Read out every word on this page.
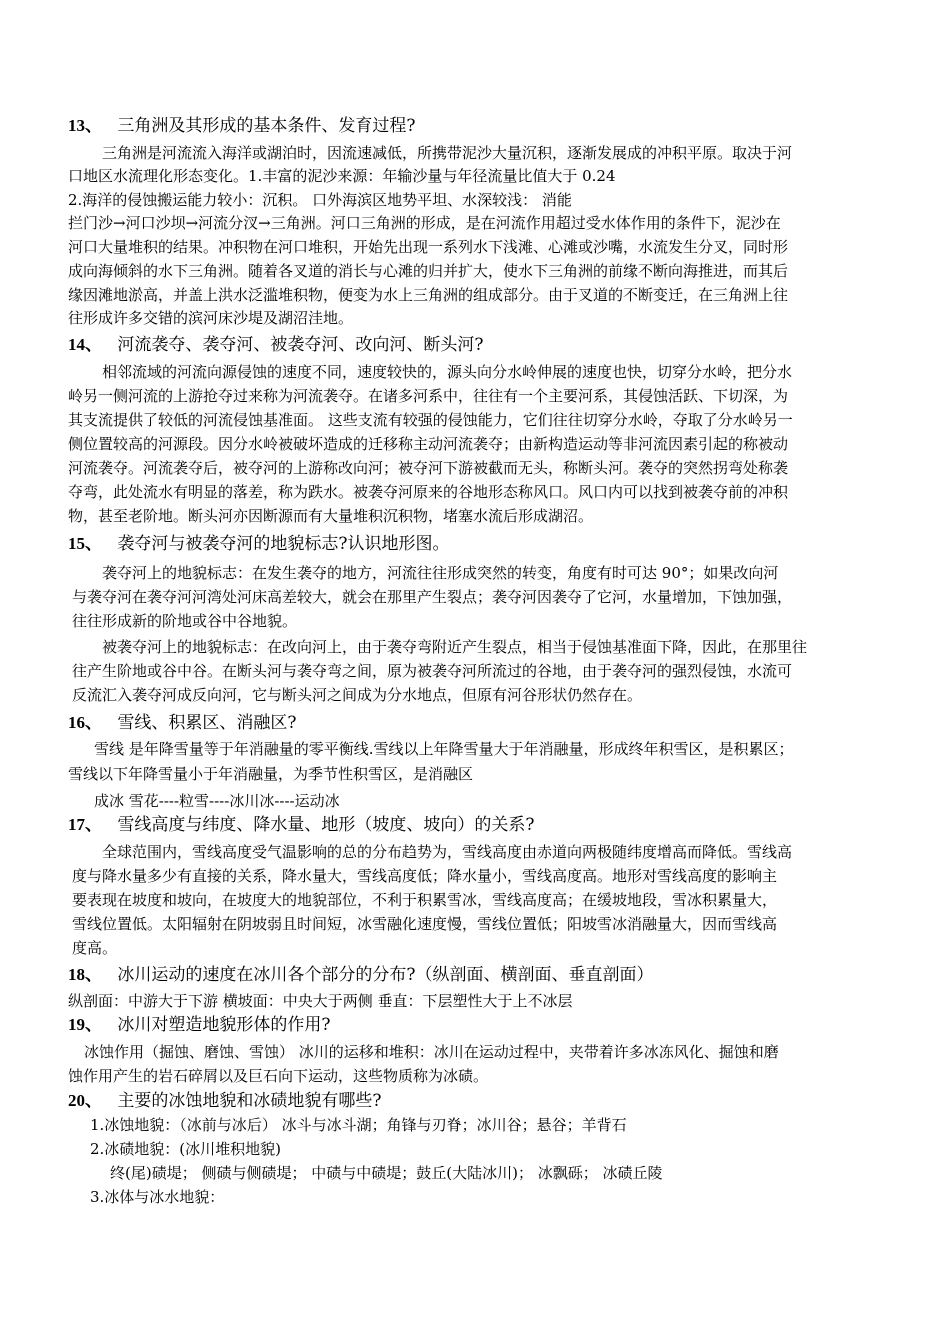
13、 三角洲及其形成的基本条件、发育过程?
三角洲是河流流入海洋或湖泊时，因流速减低，所携带泥沙大量沉积，逐渐发展成的冲积平原。取决于河
口地区水流理化形态变化。1.丰富的泥沙来源：年输沙量与年径流量比值大于 0.24
2.海洋的侵蚀搬运能力较小：沉积。 口外海滨区地势平坦、水深较浅： 消能
拦门沙→河口沙坝→河流分汊→三角洲。河口三角洲的形成，是在河流作用超过受水体作用的条件下，泥沙在
河口大量堆积的结果。冲积物在河口堆积，开始先出现一系列水下浅滩、心滩或沙嘴，水流发生分叉，同时形
成向海倾斜的水下三角洲。随着各叉道的消长与心滩的归并扩大，使水下三角洲的前缘不断向海推进，而其后
缘因滩地淤高，并盖上洪水泛滥堆积物，便变为水上三角洲的组成部分。由于叉道的不断变迁，在三角洲上往
往形成许多交错的滨河床沙堤及湖沼洼地。
14、 河流袭夺、袭夺河、被袭夺河、改向河、断头河?
相邻流域的河流向源侵蚀的速度不同，速度较快的，源头向分水岭伸展的速度也快，切穿分水岭，把分水
岭另一侧河流的上游抢夺过来称为河流袭夺。在诸多河系中，往往有一个主要河系，其侵蚀活跃、下切深，为
其支流提供了较低的河流侵蚀基准面。 这些支流有较强的侵蚀能力，它们往往切穿分水岭，夺取了分水岭另一
侧位置较高的河源段。因分水岭被破坏造成的迁移称主动河流袭夺；由新构造运动等非河流因素引起的称被动
河流袭夺。河流袭夺后，被夺河的上游称改向河；被夺河下游被截而无头，称断头河。袭夺的突然拐弯处称袭
夺弯，此处流水有明显的落差，称为跌水。被袭夺河原来的谷地形态称风口。风口内可以找到被袭夺前的冲积
物，甚至老阶地。断头河亦因断源而有大量堆积沉积物，堵塞水流后形成湖沼。
15、 袭夺河与被袭夺河的地貌标志?认识地形图。
袭夺河上的地貌标志：在发生袭夺的地方，河流往往形成突然的转变，角度有时可达 90°；如果改向河
与袭夺河在袭夺河河湾处河床高差较大，就会在那里产生裂点；袭夺河因袭夺了它河，水量增加，下蚀加强，
往往形成新的阶地或谷中谷地貌。
被袭夺河上的地貌标志：在改向河上，由于袭夺弯附近产生裂点，相当于侵蚀基准面下降，因此，在那里往
往产生阶地或谷中谷。在断头河与袭夺弯之间，原为被袭夺河所流过的谷地，由于袭夺河的强烈侵蚀，水流可
反流汇入袭夺河成反向河，它与断头河之间成为分水地点，但原有河谷形状仍然存在。
16、 雪线、积累区、消融区?
雪线 是年降雪量等于年消融量的零平衡线.雪线以上年降雪量大于年消融量，形成终年积雪区，是积累区；
雪线以下年降雪量小于年消融量，为季节性积雪区，是消融区
成冰 雪花----粒雪----冰川冰----运动冰
17、 雪线高度与纬度、降水量、地形（坡度、坡向）的关系?
全球范围内，雪线高度受气温影响的总的分布趋势为，雪线高度由赤道向两极随纬度增高而降低。雪线高
度与降水量多少有直接的关系，降水量大，雪线高度低；降水量小，雪线高度高。地形对雪线高度的影响主
要表现在坡度和坡向，在坡度大的地貌部位，不利于积累雪冰，雪线高度高；在缓坡地段，雪冰积累量大，
雪线位置低。太阳辐射在阴坡弱且时间短，冰雪融化速度慢，雪线位置低；阳坡雪冰消融量大，因而雪线高
度高。
18、 冰川运动的速度在冰川各个部分的分布?（纵剖面、横剖面、垂直剖面）
纵剖面：中游大于下游 横坡面：中央大于两侧 垂直：下层塑性大于上不冰层
19、 冰川对塑造地貌形体的作用?
冰蚀作用（掘蚀、磨蚀、雪蚀） 冰川的运移和堆积：冰川在运动过程中，夹带着许多冰冻风化、掘蚀和磨
蚀作用产生的岩石碎屑以及巨石向下运动，这些物质称为冰碛。
20、 主要的冰蚀地貌和冰碛地貌有哪些?
1.冰蚀地貌：（冰前与冰后） 冰斗与冰斗湖；角锋与刃脊；冰川谷；悬谷；羊背石
2.冰碛地貌：(冰川堆积地貌)
终(尾)碛堤； 侧碛与侧碛堤； 中碛与中碛堤；鼓丘(大陆冰川)； 冰飘砾； 冰碛丘陵
3.冰体与冰水地貌：
